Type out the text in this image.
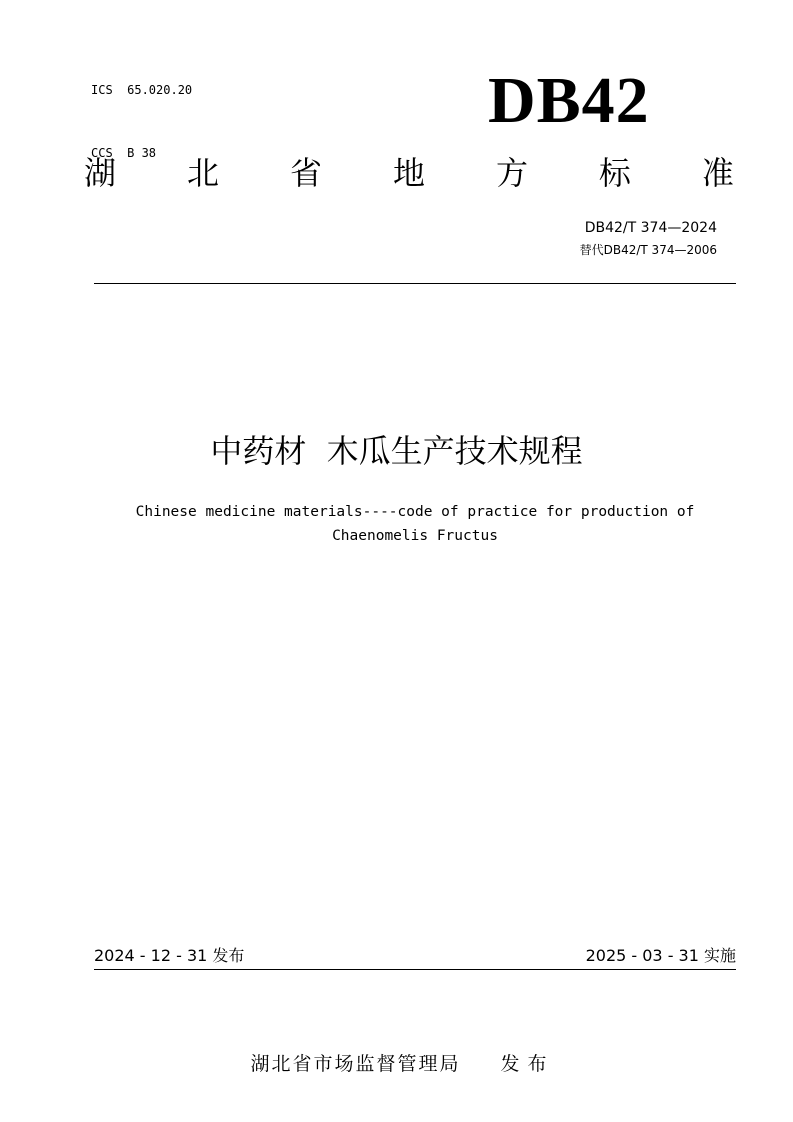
ICS  65.020.20

CCS  B 38

DB42
湖 北 省 地 方 标 准
DB42/T 374—2024
替代DB42/T 374—2006
中药材  木瓜生产技术规程
Chinese medicine materials----code of practice for production of
Chaenomelis Fructus
2024 - 12 - 31 发布	2025 - 03 - 31 实施

湖北省市场监督管理局 发布
